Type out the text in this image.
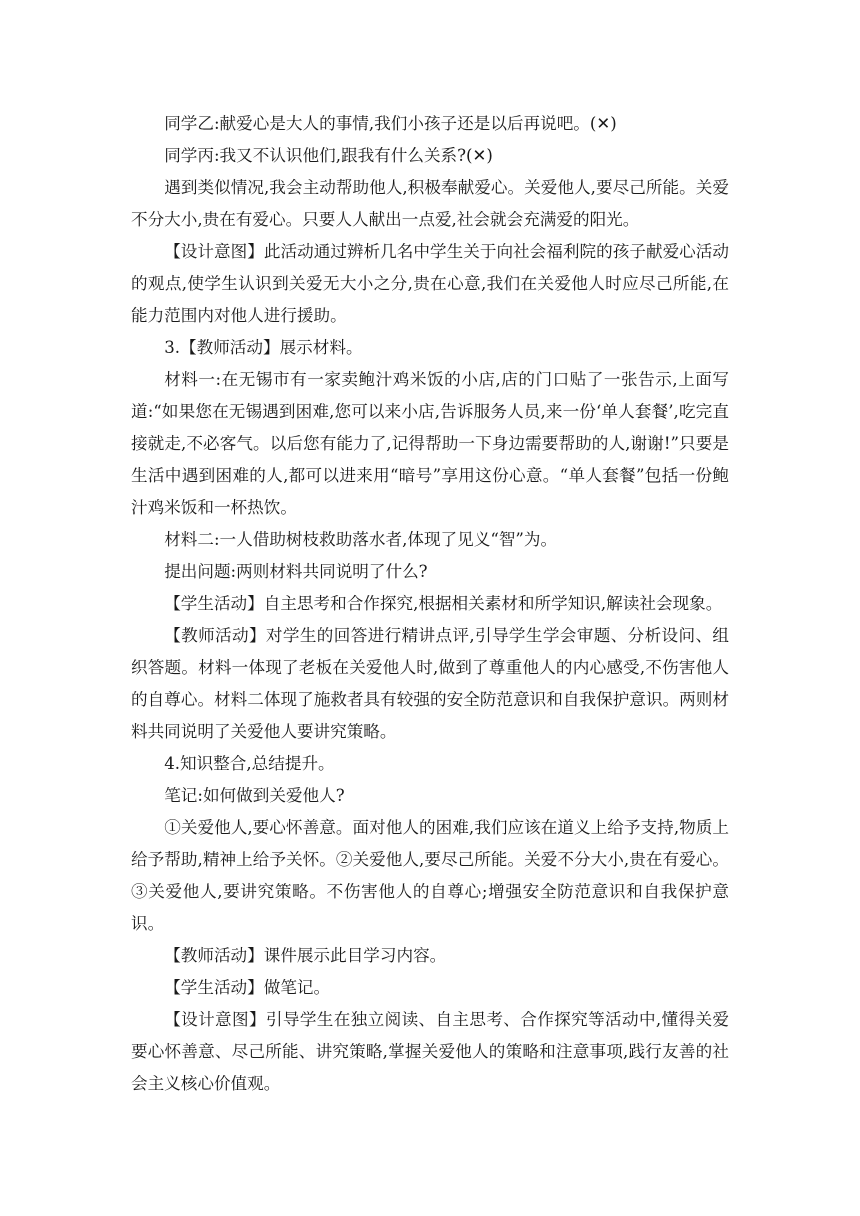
同学乙:献爱心是大人的事情,我们小孩子还是以后再说吧。(✕)

同学丙:我又不认识他们,跟我有什么关系?(✕)

遇到类似情况,我会主动帮助他人,积极奉献爱心。关爱他人,要尽己所能。关爱不分大小,贵在有爱心。只要人人献出一点爱,社会就会充满爱的阳光。

【设计意图】此活动通过辨析几名中学生关于向社会福利院的孩子献爱心活动的观点,使学生认识到关爱无大小之分,贵在心意,我们在关爱他人时应尽己所能,在能力范围内对他人进行援助。

3.【教师活动】展示材料。

材料一:在无锡市有一家卖鲍汁鸡米饭的小店,店的门口贴了一张告示,上面写道:“如果您在无锡遇到困难,您可以来小店,告诉服务人员,来一份‘单人套餐’,吃完直接就走,不必客气。以后您有能力了,记得帮助一下身边需要帮助的人,谢谢!”只要是生活中遇到困难的人,都可以进来用“暗号”享用这份心意。“单人套餐”包括一份鲍汁鸡米饭和一杯热饮。

材料二:一人借助树枝救助落水者,体现了见义“智”为。

提出问题:两则材料共同说明了什么?

【学生活动】自主思考和合作探究,根据相关素材和所学知识,解读社会现象。

【教师活动】对学生的回答进行精讲点评,引导学生学会审题、分析设问、组织答题。材料一体现了老板在关爱他人时,做到了尊重他人的内心感受,不伤害他人的自尊心。材料二体现了施救者具有较强的安全防范意识和自我保护意识。两则材料共同说明了关爱他人要讲究策略。

4.知识整合,总结提升。

笔记:如何做到关爱他人?

①关爱他人,要心怀善意。面对他人的困难,我们应该在道义上给予支持,物质上给予帮助,精神上给予关怀。②关爱他人,要尽己所能。关爱不分大小,贵在有爱心。③关爱他人,要讲究策略。不伤害他人的自尊心;增强安全防范意识和自我保护意识。

【教师活动】课件展示此目学习内容。

【学生活动】做笔记。

【设计意图】引导学生在独立阅读、自主思考、合作探究等活动中,懂得关爱要心怀善意、尽己所能、讲究策略,掌握关爱他人的策略和注意事项,践行友善的社会主义核心价值观。
